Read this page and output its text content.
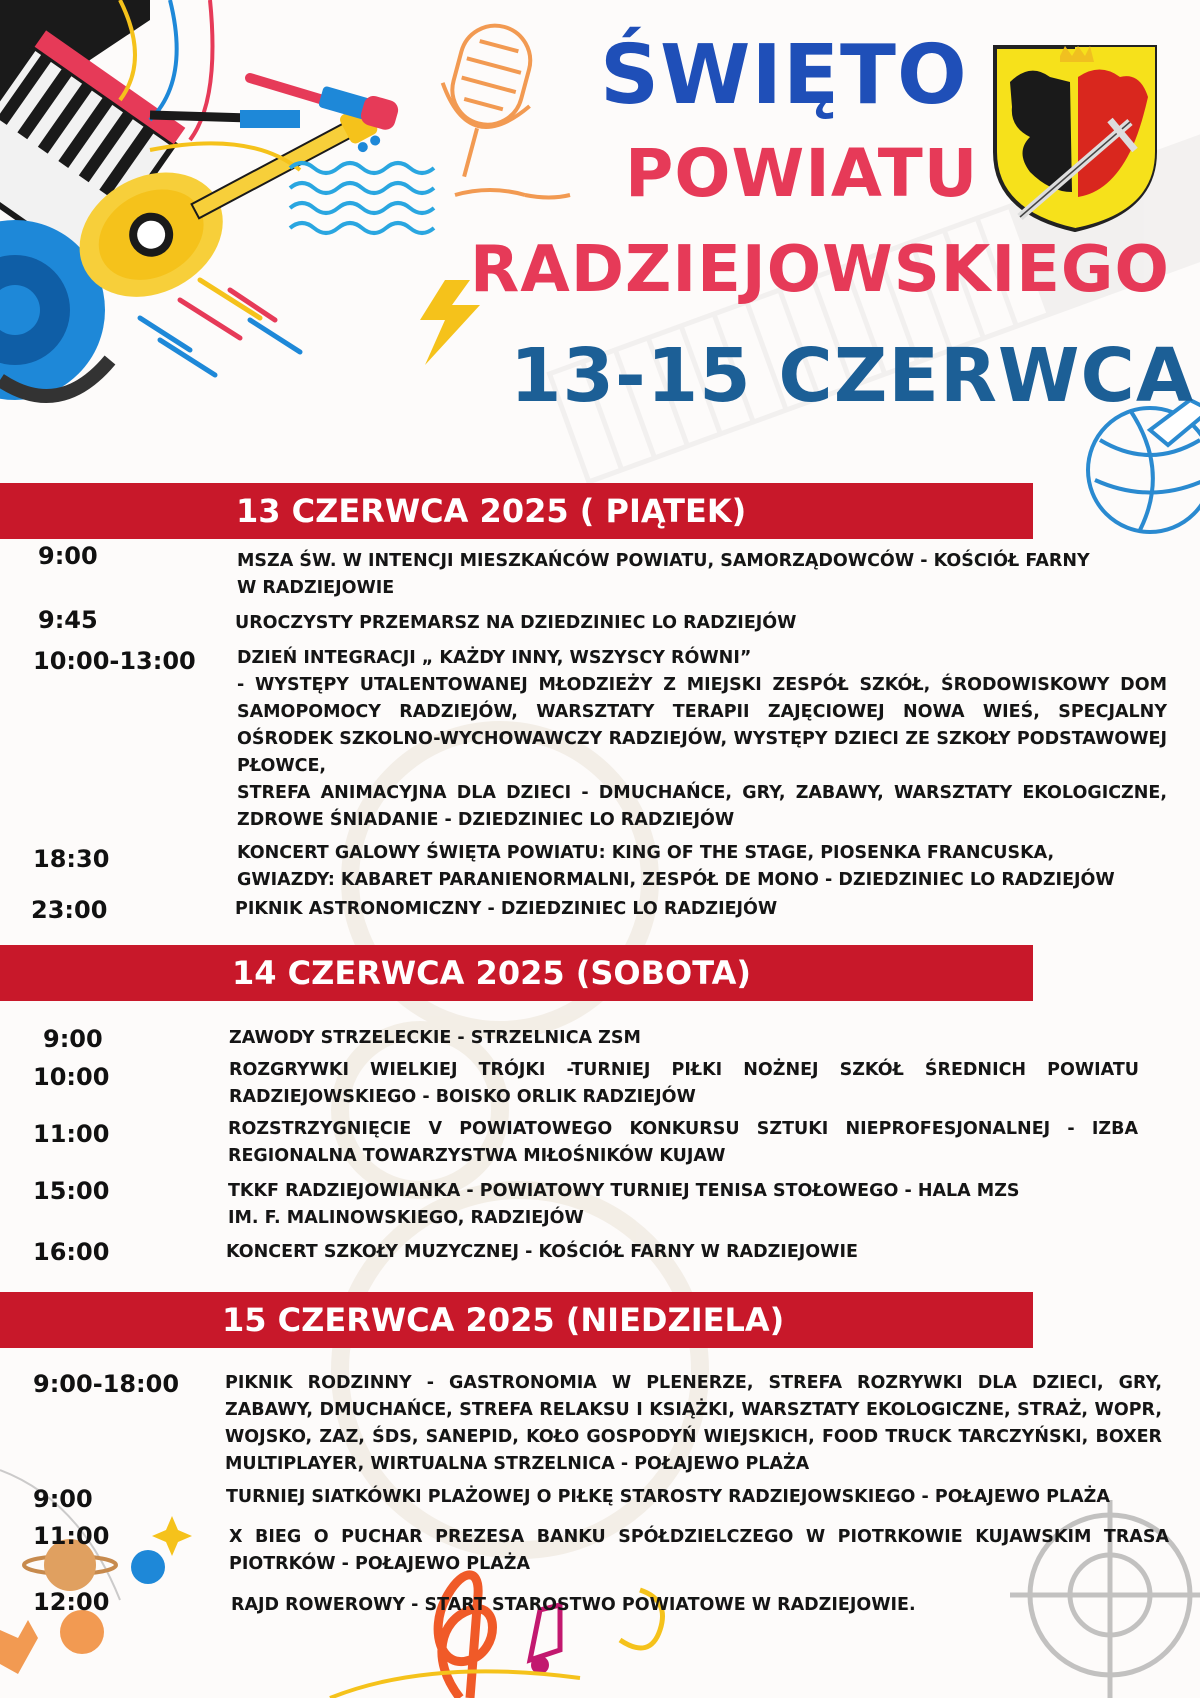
ŚWIĘTO
POWIATU
RADZIEJOWSKIEGO
13-15 CZERWCA
13 CZERWCA 2025 ( PIĄTEK)
9:00	MSZA ŚW. W INTENCJI MIESZKAŃCÓW POWIATU, SAMORZĄDOWCÓW - KOŚCIÓŁ FARNY
W RADZIEJOWIE
9:45	UROCZYSTY PRZEMARSZ NA DZIEDZINIEC LO RADZIEJÓW
10:00-13:00 DZIEŃ INTEGRACJI „ KAŻDY INNY, WSZYSCY RÓWNI”
- WYSTĘPY UTALENTOWANEJ MŁODZIEŻY Z MIEJSKI ZESPÓŁ SZKÓŁ, ŚRODOWISKOWY DOM SAMOPOMOCY RADZIEJÓW, WARSZTATY TERAPII ZAJĘCIOWEJ NOWA WIEŚ, SPECJALNY OŚRODEK SZKOLNO-WYCHOWAWCZY RADZIEJÓW, WYSTĘPY DZIECI ZE SZKOŁY PODSTAWOWEJ PŁOWCE,
STREFA ANIMACYJNA DLA DZIECI - DMUCHAŃCE, GRY, ZABAWY, WARSZTATY EKOLOGICZNE, ZDROWE ŚNIADANIE - DZIEDZINIEC LO RADZIEJÓW
18:30	KONCERT GALOWY ŚWIĘTA POWIATU: KING OF THE STAGE, PIOSENKA FRANCUSKA,
GWIAZDY: KABARET PARANIENORMALNI, ZESPÓŁ DE MONO - DZIEDZINIEC LO RADZIEJÓW
23:00	PIKNIK ASTRONOMICZNY - DZIEDZINIEC LO RADZIEJÓW
14 CZERWCA 2025 (SOBOTA)
9:00	ZAWODY STRZELECKIE - STRZELNICA ZSM
10:00	ROZGRYWKI WIELKIEJ TRÓJKI -TURNIEJ PIŁKI NOŻNEJ SZKÓŁ ŚREDNICH POWIATU RADZIEJOWSKIEGO - BOISKO ORLIK RADZIEJÓW
11:00	ROZSTRZYGNIĘCIE V POWIATOWEGO KONKURSU SZTUKI NIEPROFESJONALNEJ - IZBA REGIONALNA TOWARZYSTWA MIŁOŚNIKÓW KUJAW
15:00	TKKF RADZIEJOWIANKA - POWIATOWY TURNIEJ TENISA STOŁOWEGO - HALA MZS
IM. F. MALINOWSKIEGO, RADZIEJÓW
16:00	KONCERT SZKOŁY MUZYCZNEJ - KOŚCIÓŁ FARNY W RADZIEJOWIE
15 CZERWCA 2025 (NIEDZIELA)
9:00-18:00	PIKNIK RODZINNY - GASTRONOMIA W PLENERZE, STREFA ROZRYWKI DLA DZIECI, GRY, ZABAWY, DMUCHAŃCE, STREFA RELAKSU I KSIĄŻKI, WARSZTATY EKOLOGICZNE, STRAŻ, WOPR, WOJSKO, ZAZ, ŚDS, SANEPID, KOŁO GOSPODYŃ WIEJSKICH, FOOD TRUCK TARCZYŃSKI, BOXER MULTIPLAYER, WIRTUALNA STRZELNICA - POŁAJEWO PLAŻA
9:00	TURNIEJ SIATKÓWKI PLAŻOWEJ O PIŁKĘ STAROSTY RADZIEJOWSKIEGO - POŁAJEWO PLAŻA
11:00	X BIEG O PUCHAR PREZESA BANKU SPÓŁDZIELCZEGO W PIOTRKOWIE KUJAWSKIM TRASA PIOTRKÓW - POŁAJEWO PLAŻA
12:00	RAJD ROWEROWY - START STAROSTWO POWIATOWE W RADZIEJOWIE.
